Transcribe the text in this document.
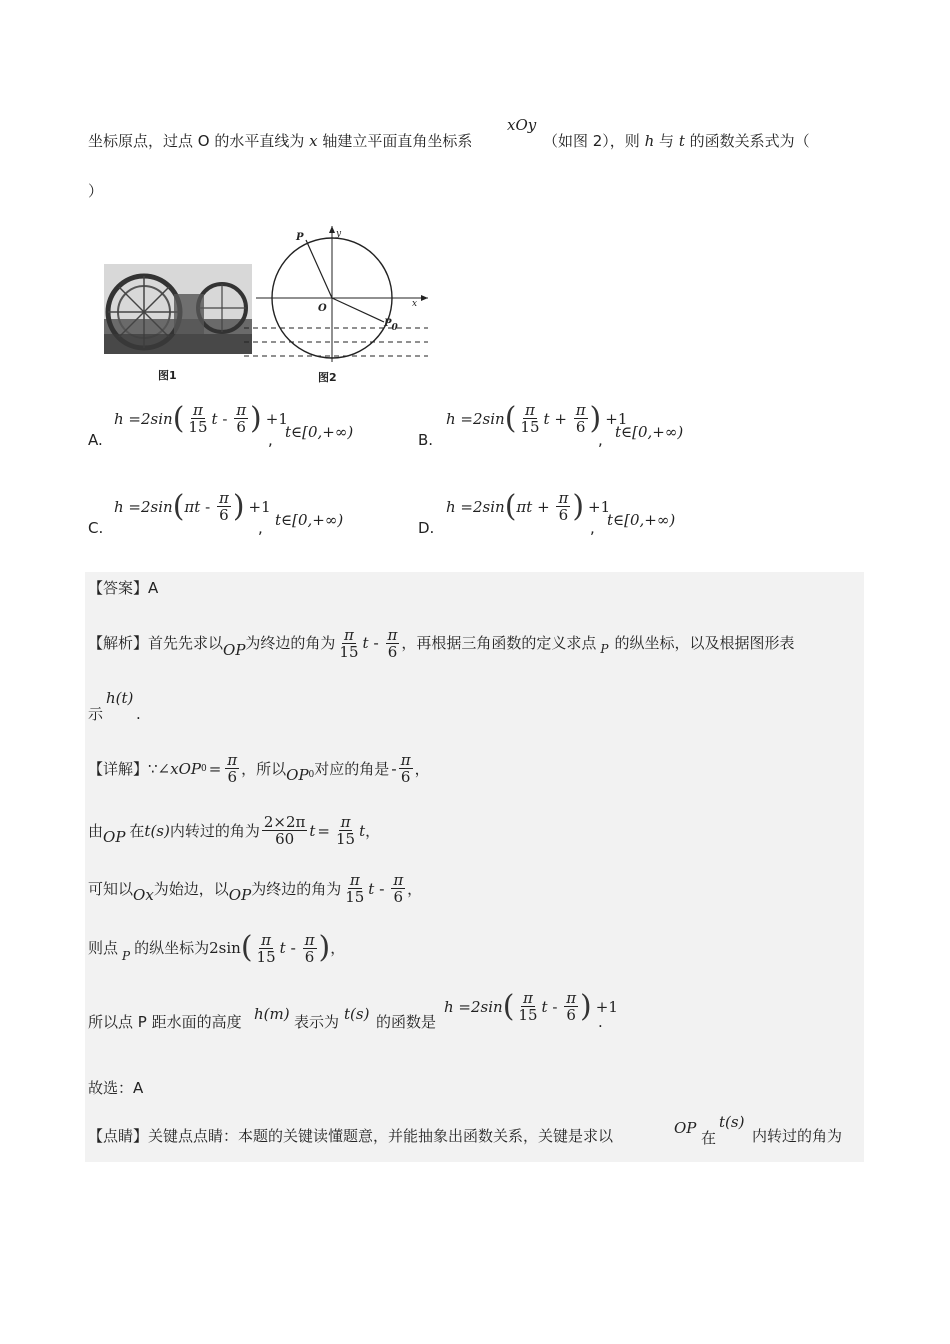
坐标原点，过点 O 的水平直线为 x 轴建立平面直角坐标系
xOy
（如图 2），则 h 与 t 的函数关系式为（
）
图1
P	y
O	x
P0
图2
A.
h =2sin ( $\frac{\pi}{15}$ t
-
$\frac{\pi}{6}$ ) +1
, t∈[0,+∞)	B.
h =2sin ( $\frac{\pi}{15}$ t
+
$\frac{\pi}{6}$ ) +1
, t∈[0,+∞)
C.
h =2sin ( πt
-
$\frac{\pi}{6}$ ) +1
, t∈[0,+∞)	D.
h =2sin ( πt
+
$\frac{\pi}{6}$ ) +1
, t∈[0,+∞)
【答案】A
【解析】首先先求以 OP 为终边的角为 $\frac{\pi}{15}$ t
-
$\frac{\pi}{6}$ ，再根据三角函数的定义求点 P 的纵坐标，以及根据图形表
示
h(t)
.
【详解】∵ ∠xOP $0 = \frac{\pi}{6}$ ，所以 OP 0 对应的角是 - $\frac{\pi}{6}$ ，
由 OP 在 t(s) 内转过的角为 $\frac{2\times 2\pi}{60}$ $t = \frac{\pi}{15}$ t ，
可知以 Ox 为始边，以 OP 为终边的角为 $\frac{\pi}{15}$ t
-
$\frac{\pi}{6}$ ，
则点 P 的纵坐标为 2sin ( $\frac{\pi}{15}$ t
-
$\frac{\pi}{6}$ ) ，
所以点 P 距水面的高度 h(m) 表示为 t(s) 的函数是
h =2sin ( $\frac{\pi}{15}$ t
-
$\frac{\pi}{6}$ ) +1
.
故选：A
【点睛】关键点点睛：本题的关键读懂题意，并能抽象出函数关系，关键是求以	OP
在
t(s)
内转过的角为
